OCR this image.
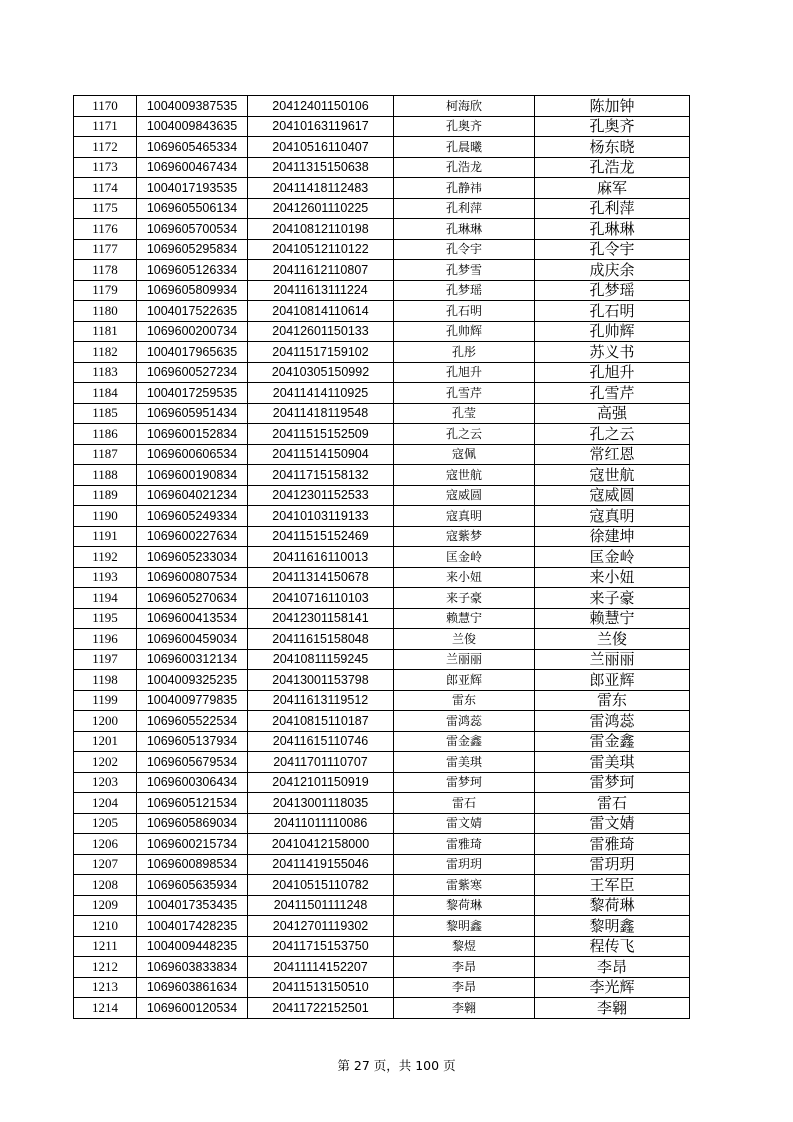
1170	1004009387535	20412401150106	柯海欣	陈加钟
1171	1004009843635	20410163119617	孔奥齐	孔奥齐
1172	1069605465334	20410516110407	孔晨曦	杨东晓
1173	1069600467434	20411315150638	孔浩龙	孔浩龙
1174	1004017193535	20411418112483	孔静祎	麻军
1175	1069605506134	20412601110225	孔利萍	孔利萍
1176	1069605700534	20410812110198	孔琳琳	孔琳琳
1177	1069605295834	20410512110122	孔令宇	孔令宇
1178	1069605126334	20411612110807	孔梦雪	成庆余
1179	1069605809934	20411613111224	孔梦瑶	孔梦瑶
1180	1004017522635	20410814110614	孔石明	孔石明
1181	1069600200734	20412601150133	孔帅辉	孔帅辉
1182	1004017965635	20411517159102	孔彤	苏义书
1183	1069600527234	20410305150992	孔旭升	孔旭升
1184	1004017259535	20411414110925	孔雪芹	孔雪芹
1185	1069605951434	20411418119548	孔莹	高强
1186	1069600152834	20411515152509	孔之云	孔之云
1187	1069600606534	20411514150904	寇佩	常红恩
1188	1069600190834	20411715158132	寇世航	寇世航
1189	1069604021234	20412301152533	寇威圆	寇威圆
1190	1069605249334	20410103119133	寇真明	寇真明
1191	1069600227634	20411515152469	寇紫梦	徐建坤
1192	1069605233034	20411616110013	匡金岭	匡金岭
1193	1069600807534	20411314150678	来小妞	来小妞
1194	1069605270634	20410716110103	来子豪	来子豪
1195	1069600413534	20412301158141	赖慧宁	赖慧宁
1196	1069600459034	20411615158048	兰俊	兰俊
1197	1069600312134	20410811159245	兰丽丽	兰丽丽
1198	1004009325235	20413001153798	郎亚辉	郎亚辉
1199	1004009779835	20411613119512	雷东	雷东
1200	1069605522534	20410815110187	雷鸿蕊	雷鸿蕊
1201	1069605137934	20411615110746	雷金鑫	雷金鑫
1202	1069605679534	20411701110707	雷美琪	雷美琪
1203	1069600306434	20412101150919	雷梦珂	雷梦珂
1204	1069605121534	20413001118035	雷石	雷石
1205	1069605869034	20411011110086	雷文婧	雷文婧
1206	1069600215734	20410412158000	雷雅琦	雷雅琦
1207	1069600898534	20411419155046	雷玥玥	雷玥玥
1208	1069605635934	20410515110782	雷紫寒	王军臣
1209	1004017353435	20411501111248	黎荷琳	黎荷琳
1210	1004017428235	20412701119302	黎明鑫	黎明鑫
1211	1004009448235	20411715153750	黎煜	程传飞
1212	1069603833834	20411114152207	李昂	李昂
1213	1069603861634	20411513150510	李昂	李光辉
1214	1069600120534	20411722152501	李翱	李翱
第 27 页，共 100 页
